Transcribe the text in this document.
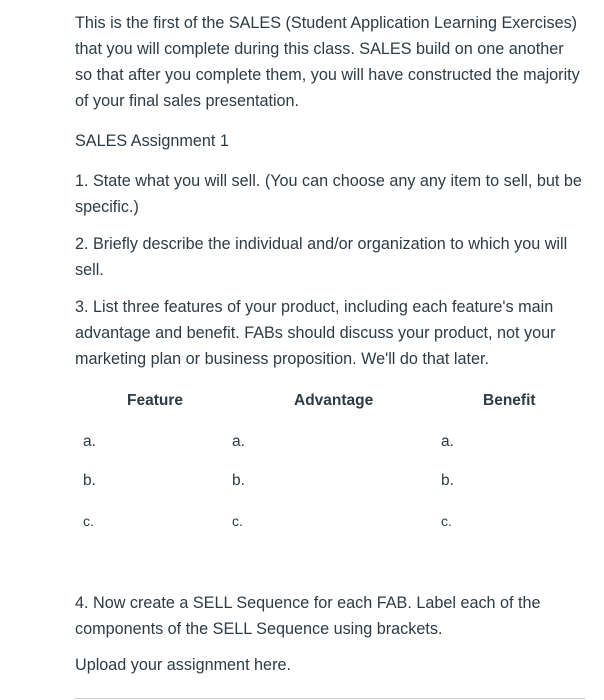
This is the first of the SALES (Student Application Learning Exercises) that you will complete during this class. SALES build on one another so that after you complete them, you will have constructed the majority of your final sales presentation.

SALES Assignment 1

1. State what you will sell. (You can choose any any item to sell, but be specific.)

2. Briefly describe the individual and/or organization to which you will sell.

3. List three features of your product, including each feature's main advantage and benefit. FABs should discuss your product, not your marketing plan or business proposition. We'll do that later.

Feature	Advantage	Benefit
a.	a.	a.
b.	b.	b.
c.	c.	c.

4. Now create a SELL Sequence for each FAB. Label each of the components of the SELL Sequence using brackets.

Upload your assignment here.
